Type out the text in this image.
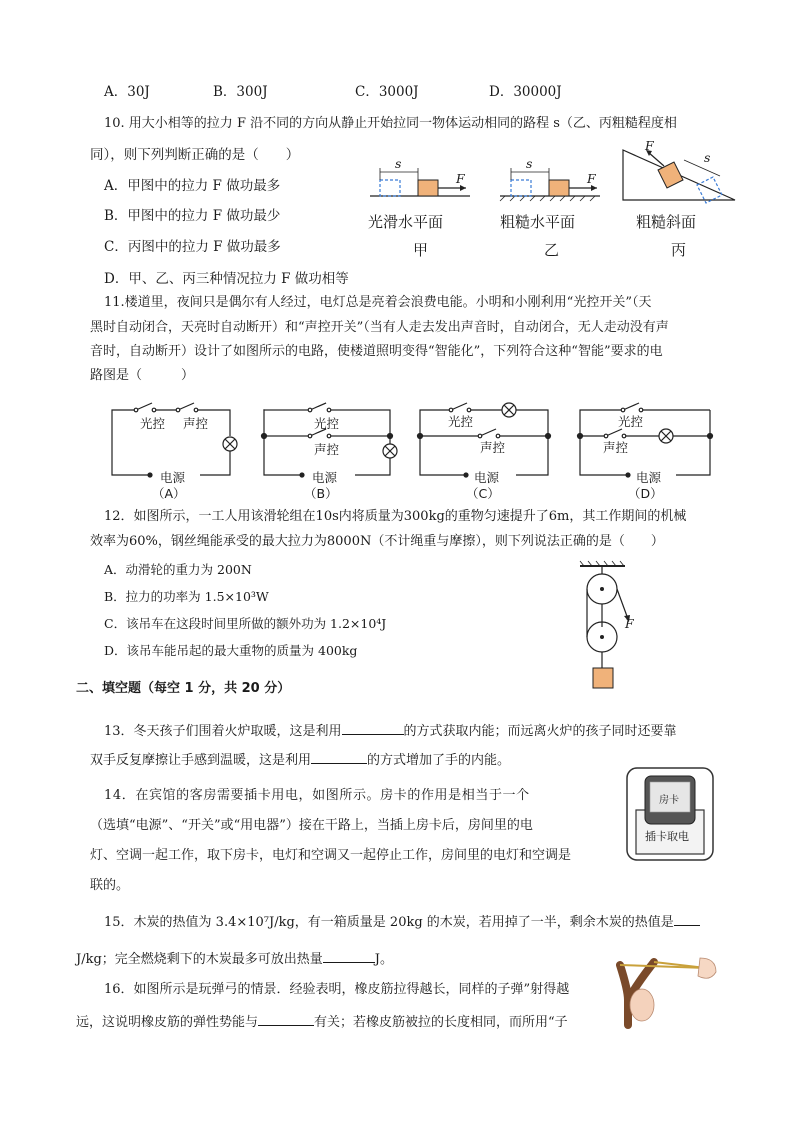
A．30J	B．300J	C．3000J	D．30000J
10. 用大小相等的拉力 F 沿不同的方向从静止开始拉同一物体运动相同的路程 s（乙、丙粗糙程度相
同），则下列判断正确的是（　　）
A．甲图中的拉力 F 做功最多
B．甲图中的拉力 F 做功最少
C．丙图中的拉力 F 做功最多
D．甲、乙、丙三种情况拉力 F 做功相等
s
F
s
F
F
s
光滑水平面	粗糙水平面	粗糙斜面
甲	乙	丙
11.楼道里，夜间只是偶尔有人经过，电灯总是亮着会浪费电能。小明和小刚利用“光控开关”（天
黑时自动闭合，天亮时自动断开）和“声控开关”（当有人走去发出声音时，自动闭合，无人走动没有声
音时，自动断开）设计了如图所示的电路，使楼道照明变得“智能化”，下列符合这种“智能”要求的电
路图是（　　　）
光控 声控
电源
（A）
光控
声控
电源
（B）
光控
声控
电源
（C）
光控
声控
电源
（D）
12．如图所示，一工人用该滑轮组在10s内将质量为300kg的重物匀速提升了6m，其工作期间的机械
效率为60%，钢丝绳能承受的最大拉力为8000N（不计绳重与摩擦），则下列说法正确的是（　　）
A．动滑轮的重力为 200N
B．拉力的功率为 1.5×10³W
C．该吊车在这段时间里所做的额外功为 1.2×10⁴J
D．该吊车能吊起的最大重物的质量为 400kg
F
二、填空题（每空 1 分，共 20 分）
13．冬天孩子们围着火炉取暖，这是利用	的方式获取内能；而远离火炉的孩子同时还要靠
双手反复摩擦让手感到温暖，这是利用	的方式增加了手的内能。
14．在宾馆的客房需要插卡用电，如图所示。房卡的作用是相当于一个
（选填“电源”、“开关”或“用电器”）接在干路上，当插上房卡后，房间里的电
灯、空调一起工作，取下房卡，电灯和空调又一起停止工作，房间里的电灯和空调是
联的。
房卡
插卡取电
15．木炭的热值为 3.4×10⁷J/kg，有一箱质量是 20kg 的木炭，若用掉了一半，剩余木炭的热值是
J/kg；完全燃烧剩下的木炭最多可放出热量	J。
16．如图所示是玩弹弓的情景．经验表明，橡皮筋拉得越长，同样的子弹”射得越
远，这说明橡皮筋的弹性势能与	有关；若橡皮筋被拉的长度相同，而所用“子
